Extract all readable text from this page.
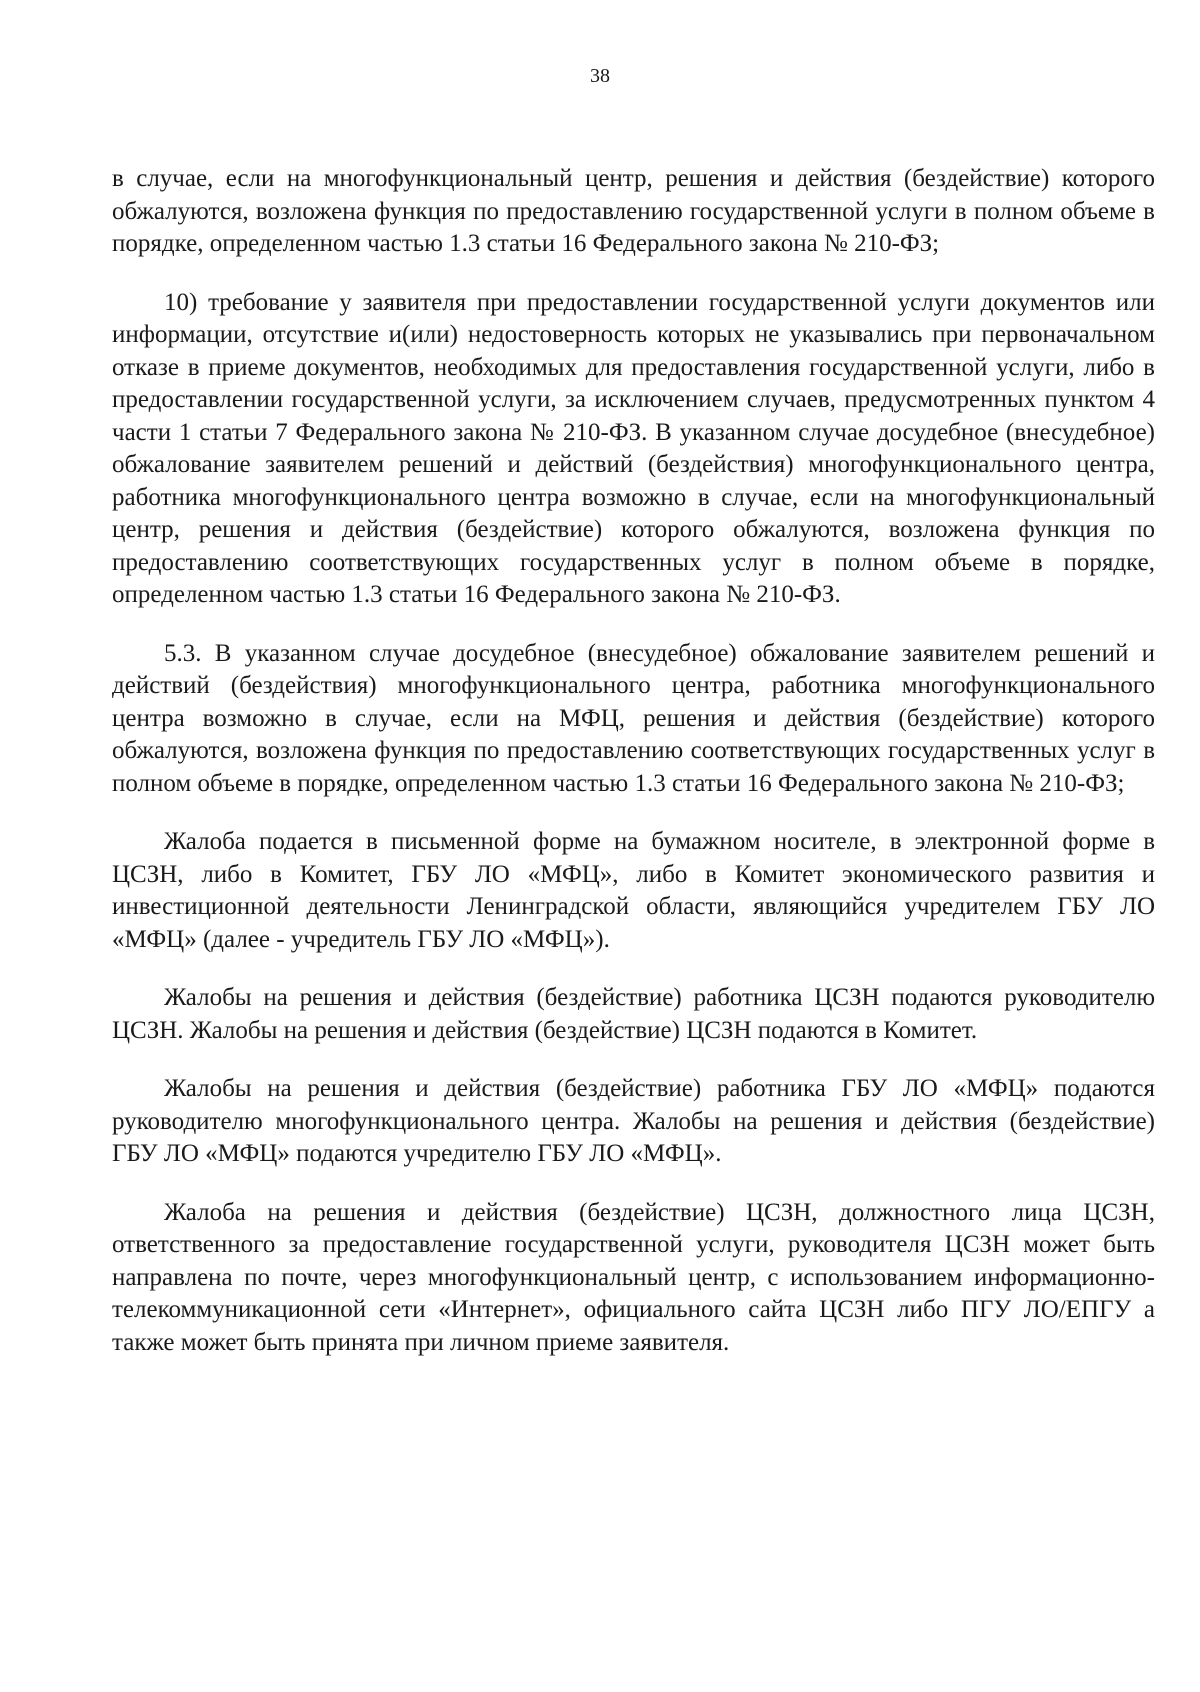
38

в случае, если на многофункциональный центр, решения и действия (бездействие) которого обжалуются, возложена функция по предоставлению государственной услуги в полном объеме в порядке, определенном частью 1.3 статьи 16 Федерального закона № 210-ФЗ;

10) требование у заявителя при предоставлении государственной услуги документов или информации, отсутствие и(или) недостоверность которых не указывались при первоначальном отказе в приеме документов, необходимых для предоставления государственной услуги, либо в предоставлении государственной услуги, за исключением случаев, предусмотренных пунктом 4 части 1 статьи 7 Федерального закона № 210-ФЗ. В указанном случае досудебное (внесудебное) обжалование заявителем решений и действий (бездействия) многофункционального центра, работника многофункционального центра возможно в случае, если на многофункциональный центр, решения и действия (бездействие) которого обжалуются, возложена функция по предоставлению соответствующих государственных услуг в полном объеме в порядке, определенном частью 1.3 статьи 16 Федерального закона № 210-ФЗ.

5.3. В указанном случае досудебное (внесудебное) обжалование заявителем решений и действий (бездействия) многофункционального центра, работника многофункционального центра возможно в случае, если на МФЦ, решения и действия (бездействие) которого обжалуются, возложена функция по предоставлению соответствующих государственных услуг в полном объеме в порядке, определенном частью 1.3 статьи 16 Федерального закона № 210-ФЗ;

Жалоба подается в письменной форме на бумажном носителе, в электронной форме в ЦСЗН, либо в Комитет, ГБУ ЛО «МФЦ», либо в Комитет экономического развития и инвестиционной деятельности Ленинградской области, являющийся учредителем ГБУ ЛО «МФЦ» (далее - учредитель ГБУ ЛО «МФЦ»).

Жалобы на решения и действия (бездействие) работника ЦСЗН подаются руководителю ЦСЗН. Жалобы на решения и действия (бездействие) ЦСЗН подаются в Комитет.

Жалобы на решения и действия (бездействие) работника ГБУ ЛО «МФЦ» подаются руководителю многофункционального центра. Жалобы на решения и действия (бездействие) ГБУ ЛО «МФЦ» подаются учредителю ГБУ ЛО «МФЦ».

Жалоба на решения и действия (бездействие) ЦСЗН, должностного лица ЦСЗН, ответственного за предоставление государственной услуги, руководителя ЦСЗН может быть направлена по почте, через многофункциональный центр, с использованием информационно-телекоммуникационной сети «Интернет», официального сайта ЦСЗН либо ПГУ ЛО/ЕПГУ а также может быть принята при личном приеме заявителя.
